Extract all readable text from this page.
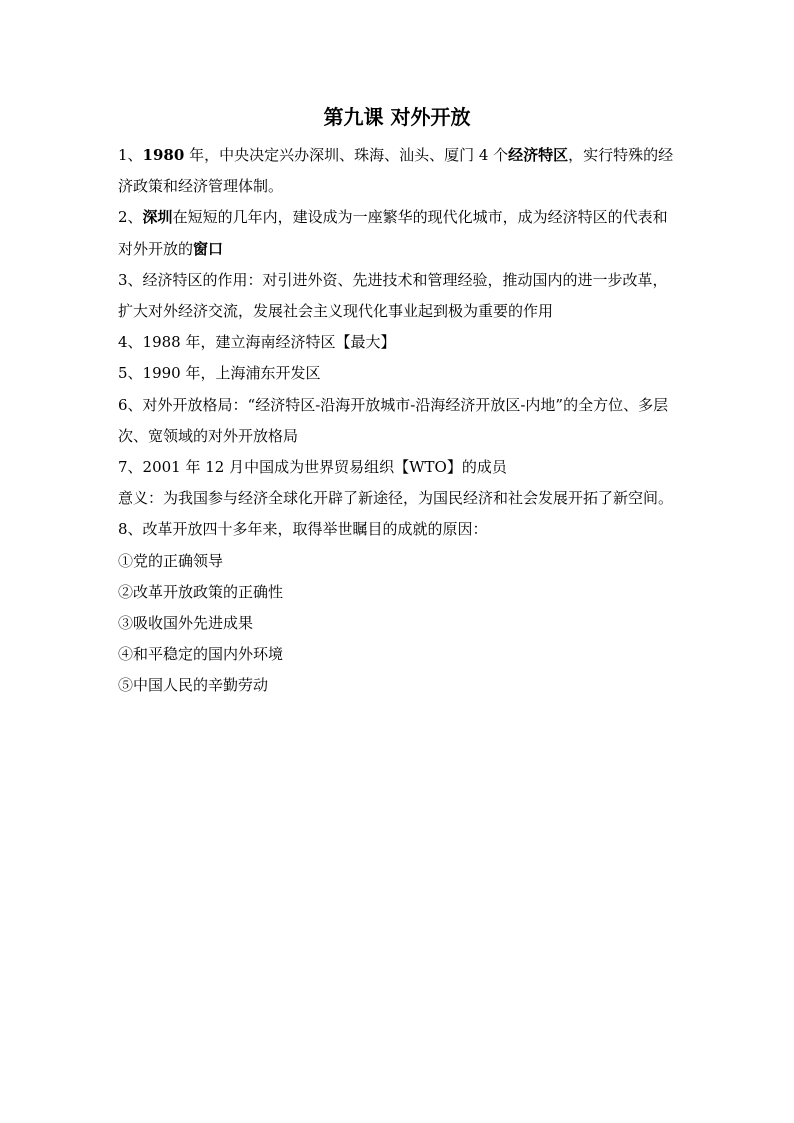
第九课 对外开放

1、1980 年，中央决定兴办深圳、珠海、汕头、厦门 4 个经济特区，实行特殊的经济政策和经济管理体制。

2、深圳在短短的几年内，建设成为一座繁华的现代化城市，成为经济特区的代表和对外开放的窗口

3、经济特区的作用：对引进外资、先进技术和管理经验，推动国内的进一步改革，扩大对外经济交流，发展社会主义现代化事业起到极为重要的作用

4、1988 年，建立海南经济特区【最大】

5、1990 年，上海浦东开发区

6、对外开放格局：“经济特区-沿海开放城市-沿海经济开放区-内地”的全方位、多层次、宽领域的对外开放格局

7、2001 年 12 月中国成为世界贸易组织【WTO】的成员

意义：为我国参与经济全球化开辟了新途径，为国民经济和社会发展开拓了新空间。

8、改革开放四十多年来，取得举世瞩目的成就的原因：

①党的正确领导

②改革开放政策的正确性

③吸收国外先进成果

④和平稳定的国内外环境

⑤中国人民的辛勤劳动
